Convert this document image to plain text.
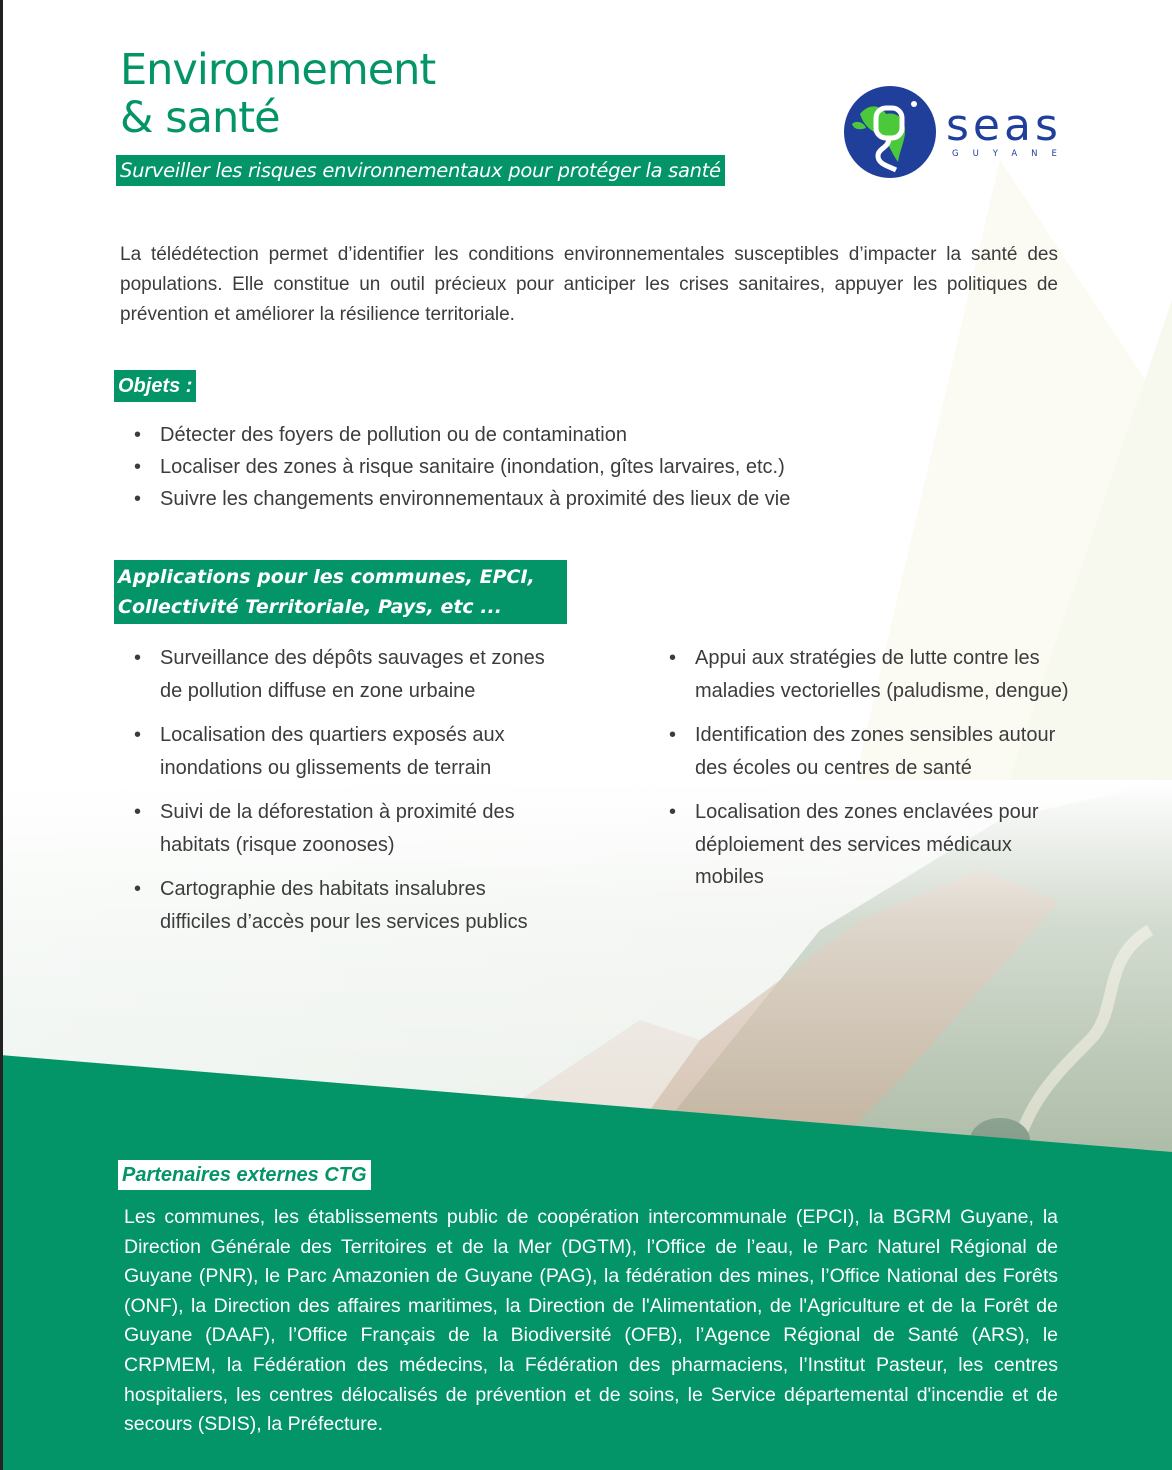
Environnement
& santé
Surveiller les risques environnementaux pour protéger la santé
seas
GUYANE

La télédétection permet d’identifier les conditions environnementales susceptibles d’impacter la santé des populations. Elle constitue un outil précieux pour anticiper les crises sanitaires, appuyer les politiques de prévention et améliorer la résilience territoriale.

Objets :
• Détecter des foyers de pollution ou de contamination
• Localiser des zones à risque sanitaire (inondation, gîtes larvaires, etc.)
• Suivre les changements environnementaux à proximité des lieux de vie
Applications pour les communes, EPCI,
Collectivité Territoriale, Pays, etc ...
• Surveillance des dépôts sauvages et zones de pollution diffuse en zone urbaine
• Localisation des quartiers exposés aux inondations ou glissements de terrain
• Suivi de la déforestation à proximité des habitats (risque zoonoses)
• Cartographie des habitats insalubres difficiles d’accès pour les services publics
• Appui aux stratégies de lutte contre les maladies vectorielles (paludisme, dengue)
• Identification des zones sensibles autour des écoles ou centres de santé
• Localisation des zones enclavées pour déploiement des services médicaux mobiles
Partenaires externes CTG

Les communes, les établissements public de coopération intercommunale (EPCI), la BGRM Guyane, la Direction Générale des Territoires et de la Mer (DGTM), l’Office de l’eau, le Parc Naturel Régional de Guyane (PNR), le Parc Amazonien de Guyane (PAG), la fédération des mines, l’Office National des Forêts (ONF), la Direction des affaires maritimes, la Direction de l'Alimentation, de l'Agriculture et de la Forêt de Guyane (DAAF), l’Office Français de la Biodiversité (OFB), l’Agence Régional de Santé (ARS), le CRPMEM, la Fédération des médecins, la Fédération des pharmaciens, l’Institut Pasteur, les centres hospitaliers, les centres délocalisés de prévention et de soins, le Service départemental d'incendie et de secours (SDIS), la Préfecture.
